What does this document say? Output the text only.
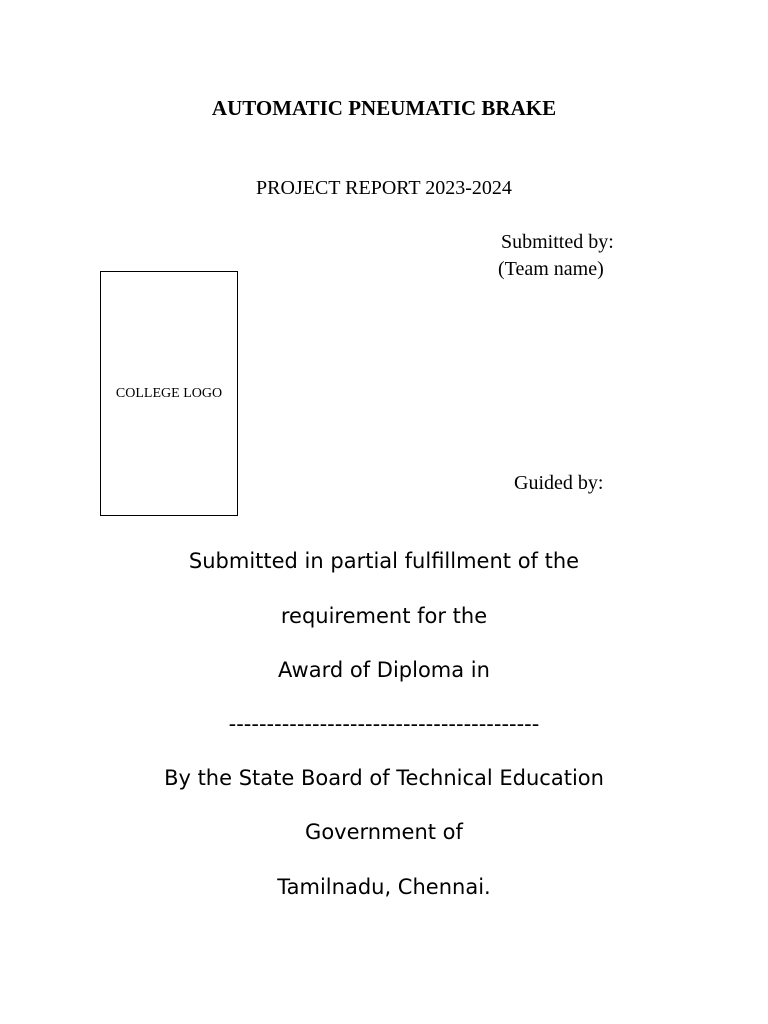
AUTOMATIC PNEUMATIC BRAKE
PROJECT REPORT 2023-2024
Submitted by:
(Team name)
COLLEGE LOGO
Guided by:
Submitted in partial fulfillment of the
requirement for the
Award of Diploma in
-----------------------------------------
By the State Board of Technical Education
Government of
Tamilnadu, Chennai.
